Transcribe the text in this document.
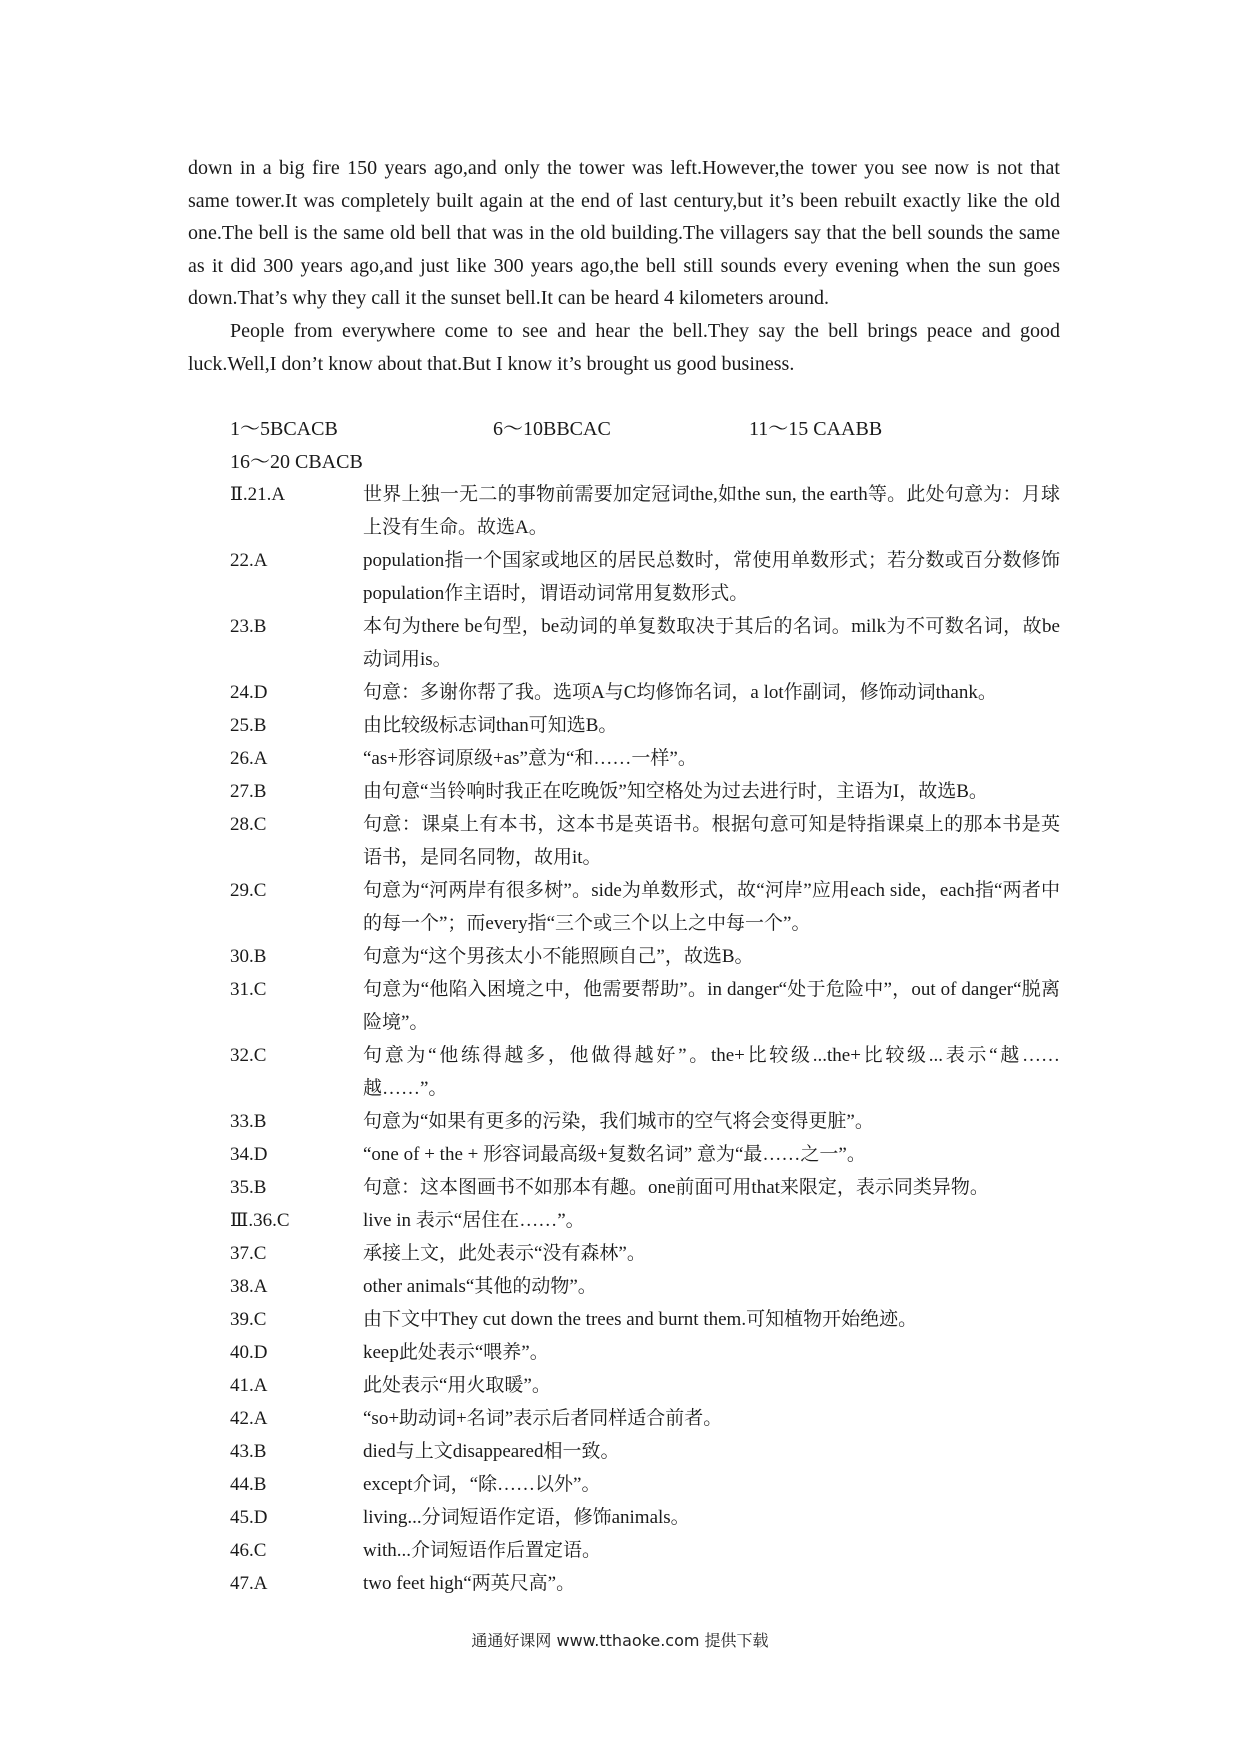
down in a big fire 150 years ago,and only the tower was left.However,the tower you see now is not that same tower.It was completely built again at the end of last century,but it’s been rebuilt exactly like the old one.The bell is the same old bell that was in the old building.The villagers say that the bell sounds the same as it did 300 years ago,and just like 300 years ago,the bell still sounds every evening when the sun goes down.That’s why they call it the sunset bell.It can be heard 4 kilometers around.

People from everywhere come to see and hear the bell.They say the bell brings peace and good luck.Well,I don’t know about that.But I know it’s brought us good business.

1～5BCACB	6～10BBCAC	11～15 CAABB
16～20 CBACB
Ⅱ.21.A	世界上独一无二的事物前需要加定冠词the,如the sun, the earth等。此处句意为：月球上没有生命。故选A。
22.A	population指一个国家或地区的居民总数时，常使用单数形式；若分数或百分数修饰population作主语时，谓语动词常用复数形式。
23.B	本句为there be句型，be动词的单复数取决于其后的名词。milk为不可数名词，故be动词用is。
24.D	句意：多谢你帮了我。选项A与C均修饰名词，a lot作副词，修饰动词thank。
25.B	由比较级标志词than可知选B。
26.A	“as+形容词原级+as”意为“和……一样”。
27.B	由句意“当铃响时我正在吃晚饭”知空格处为过去进行时，主语为I，故选B。
28.C	句意：课桌上有本书，这本书是英语书。根据句意可知是特指课桌上的那本书是英语书，是同名同物，故用it。
29.C	句意为“河两岸有很多树”。side为单数形式，故“河岸”应用each side，each指“两者中的每一个”；而every指“三个或三个以上之中每一个”。
30.B	句意为“这个男孩太小不能照顾自己”，故选B。
31.C	句意为“他陷入困境之中，他需要帮助”。in danger“处于危险中”，out of danger“脱离险境”。
32.C	句意为“他练得越多，他做得越好”。the+比较级...the+比较级...表示“越……越……”。
33.B	句意为“如果有更多的污染，我们城市的空气将会变得更脏”。
34.D	“one of + the + 形容词最高级+复数名词” 意为“最……之一”。
35.B	句意：这本图画书不如那本有趣。one前面可用that来限定，表示同类异物。
Ⅲ.36.C	live in 表示“居住在……”。
37.C	承接上文，此处表示“没有森林”。
38.A	other animals“其他的动物”。
39.C	由下文中They cut down the trees and burnt them.可知植物开始绝迹。
40.D	keep此处表示“喂养”。
41.A	此处表示“用火取暖”。
42.A	“so+助动词+名词”表示后者同样适合前者。
43.B	died与上文disappeared相一致。
44.B	except介词，“除……以外”。
45.D	living...分词短语作定语，修饰animals。
46.C	with...介词短语作后置定语。
47.A	two feet high“两英尺高”。
通通好课网 www.tthaoke.com 提供下载
